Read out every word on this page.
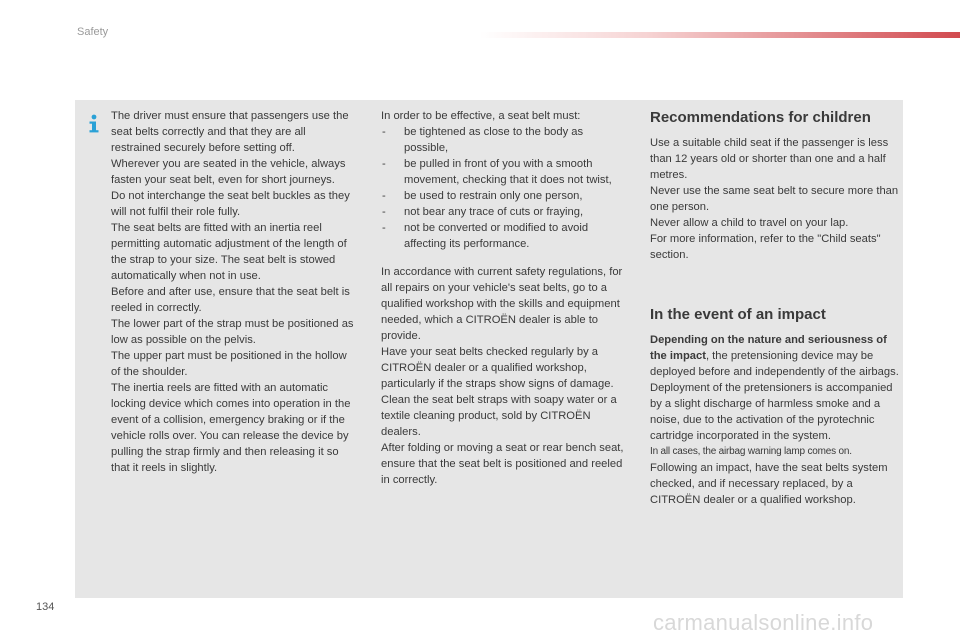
Safety

The driver must ensure that passengers use the seat belts correctly and that they are all restrained securely before setting off.

Wherever you are seated in the vehicle, always fasten your seat belt, even for short journeys.

Do not interchange the seat belt buckles as they will not fulfil their role fully.

The seat belts are fitted with an inertia reel permitting automatic adjustment of the length of the strap to your size. The seat belt is stowed automatically when not in use.

Before and after use, ensure that the seat belt is reeled in correctly.

The lower part of the strap must be positioned as low as possible on the pelvis.

The upper part must be positioned in the hollow of the shoulder.

The inertia reels are fitted with an automatic locking device which comes into operation in the event of a collision, emergency braking or if the vehicle rolls over. You can release the device by pulling the strap firmly and then releasing it so that it reels in slightly.

In order to be effective, a seat belt must:

- be tightened as close to the body as possible,
- be pulled in front of you with a smooth movement, checking that it does not twist,
- be used to restrain only one person,
- not bear any trace of cuts or fraying,
- not be converted or modified to avoid affecting its performance.

In accordance with current safety regulations, for all repairs on your vehicle's seat belts, go to a qualified workshop with the skills and equipment needed, which a CITROËN dealer is able to provide.

Have your seat belts checked regularly by a CITROËN dealer or a qualified workshop, particularly if the straps show signs of damage.

Clean the seat belt straps with soapy water or a textile cleaning product, sold by CITROËN dealers.

After folding or moving a seat or rear bench seat, ensure that the seat belt is positioned and reeled in correctly.

Recommendations for children

Use a suitable child seat if the passenger is less than 12 years old or shorter than one and a half metres.

Never use the same seat belt to secure more than one person.

Never allow a child to travel on your lap.

For more information, refer to the "Child seats" section.

In the event of an impact

Depending on the nature and seriousness of the impact, the pretensioning device may be deployed before and independently of the airbags.

Deployment of the pretensioners is accompanied by a slight discharge of harmless smoke and a noise, due to the activation of the pyrotechnic cartridge incorporated in the system.

In all cases, the airbag warning lamp comes on.

Following an impact, have the seat belts system checked, and if necessary replaced, by a CITROËN dealer or a qualified workshop.

134
carmanualsonline.info
